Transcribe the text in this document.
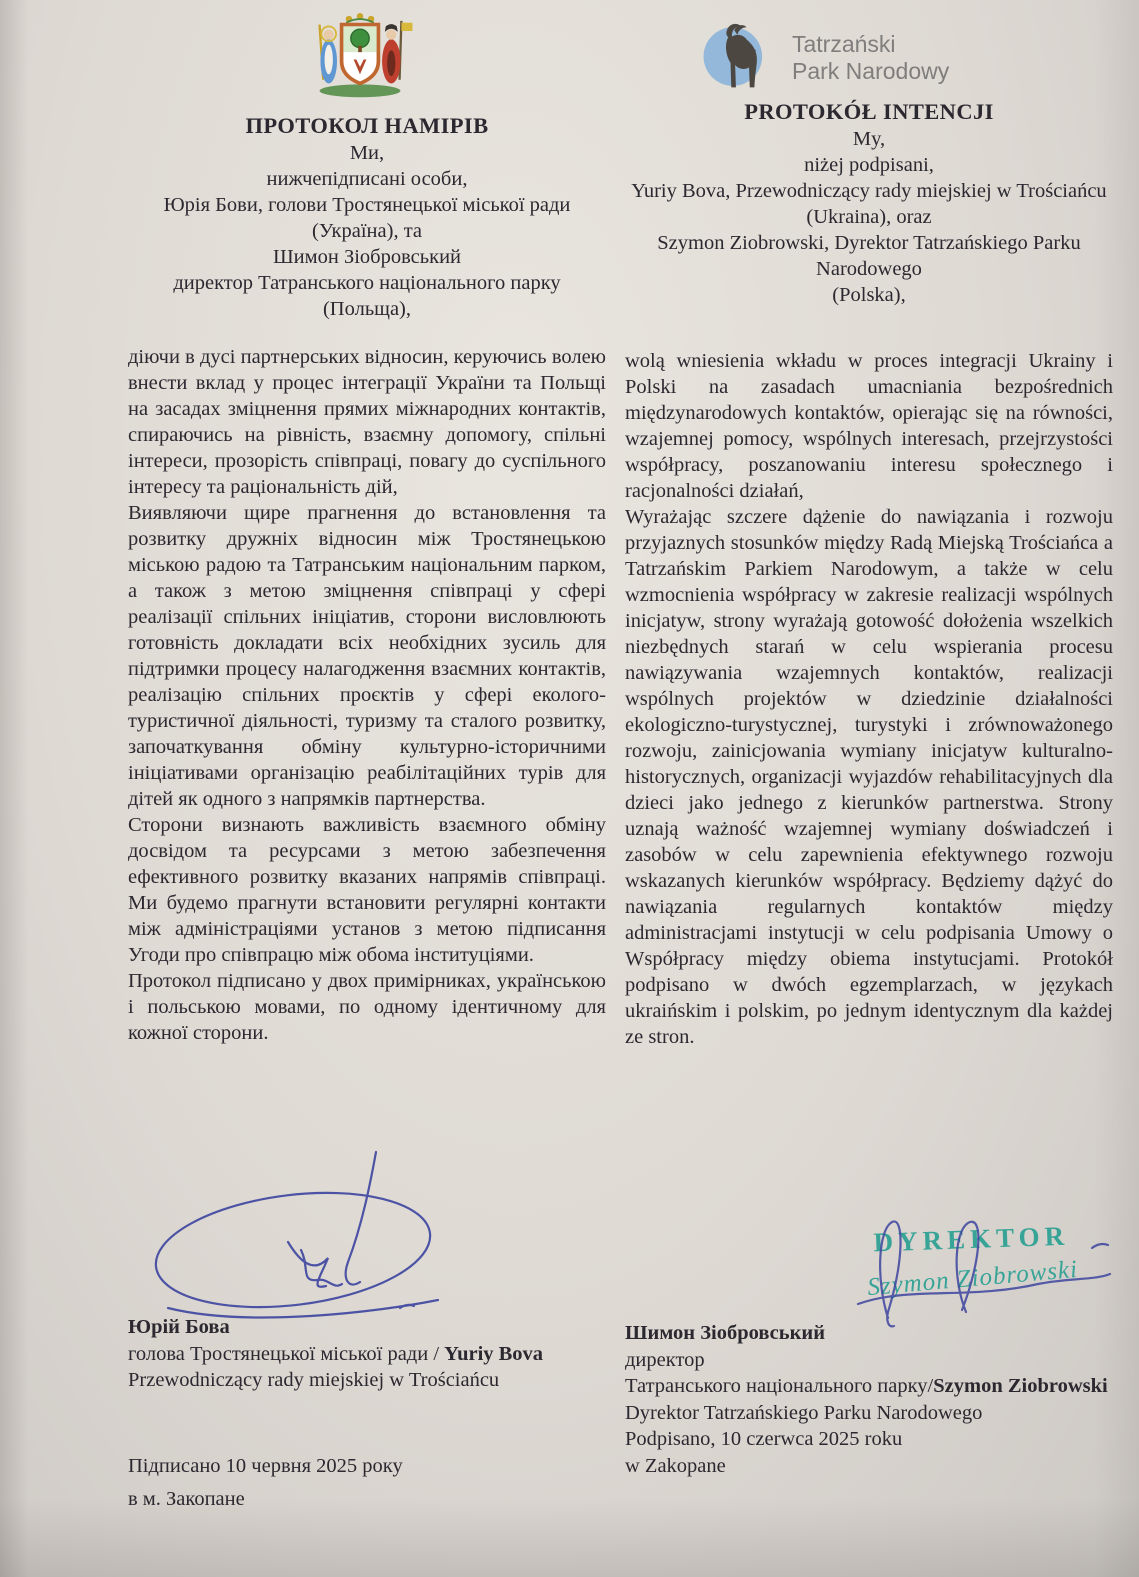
Tatrzański
Park Narodowy
ПРОТОКОЛ НАМІРІВ
Ми,
нижчепідписані особи,
Юрія Бови, голови Тростянецької міської ради (Україна), та
Шимон Зіобровський
директор Татранського національного парку (Польща),

діючи в дусі партнерських відносин, керуючись волею внести вклад у процес інтеграції України та Польщі на засадах зміцнення прямих міжнародних контактів, спираючись на рівність, взаємну допомогу, спільні інтереси, прозорість співпраці, повагу до суспільного інтересу та раціональність дій,

Виявляючи щире прагнення до встановлення та розвитку дружніх відносин між Тростянецькою міською радою та Татранським національним парком, а також з метою зміцнення співпраці у сфері реалізації спільних ініціатив, сторони висловлюють готовність докладати всіх необхідних зусиль для підтримки процесу налагодження взаємних контактів, реалізацію спільних проєктів у сфері еколого-туристичної діяльності, туризму та сталого розвитку, започаткування обміну культурно-історичними ініціативами організацію реабілітаційних турів для дітей як одного з напрямків партнерства.

Сторони визнають важливість взаємного обміну досвідом та ресурсами з метою забезпечення ефективного розвитку вказаних напрямів співпраці. Ми будемо прагнути встановити регулярні контакти між адміністраціями установ з метою підписання Угоди про співпрацю між обома інституціями.

Протокол підписано у двох примірниках, українською і польською мовами, по одному ідентичному для кожної сторони.

PROTOKÓŁ INTENCJI
My,
niżej podpisani,
Yuriy Bova, Przewodniczący rady miejskiej w Trościańcu (Ukraina), oraz
Szymon Ziobrowski, Dyrektor Tatrzańskiego Parku Narodowego
(Polska),

wolą wniesienia wkładu w proces integracji Ukrainy i Polski na zasadach umacniania bezpośrednich międzynarodowych kontaktów, opierając się na równości, wzajemnej pomocy, wspólnych interesach, przejrzystości współpracy, poszanowaniu interesu społecznego i racjonalności działań,

Wyrażając szczere dążenie do nawiązania i rozwoju przyjaznych stosunków między Radą Miejską Trościańca a Tatrzańskim Parkiem Narodowym, a także w celu wzmocnienia współpracy w zakresie realizacji wspólnych inicjatyw, strony wyrażają gotowość dołożenia wszelkich niezbędnych starań w celu wspierania procesu nawiązywania wzajemnych kontaktów, realizacji wspólnych projektów w dziedzinie działalności ekologiczno-turystycznej, turystyki i zrównoważonego rozwoju, zainicjowania wymiany inicjatyw kulturalno-historycznych, organizacji wyjazdów rehabilitacyjnych dla dzieci jako jednego z kierunków partnerstwa. Strony uznają ważność wzajemnej wymiany doświadczeń i zasobów w celu zapewnienia efektywnego rozwoju wskazanych kierunków współpracy. Będziemy dążyć do nawiązania regularnych kontaktów między administracjami instytucji w celu podpisania Umowy o Współpracy między obiema instytucjami. Protokół podpisano w dwóch egzemplarzach, w językach ukraińskim i polskim, po jednym identycznym dla każdej ze stron.

DYREKTOR
Szymon Ziobrowski
Юрій Бова
голова Тростянецької міської ради / Yuriy Bova
Przewodniczący rady miejskiej w Trościańcu
Підписано 10 червня 2025 року
в м. Закопане
Шимон Зіобровський
директор
Татранського національного парку/Szymon Ziobrowski
Dyrektor Tatrzańskiego Parku Narodowego
Podpisano, 10 czerwca 2025 roku
w Zakopane
